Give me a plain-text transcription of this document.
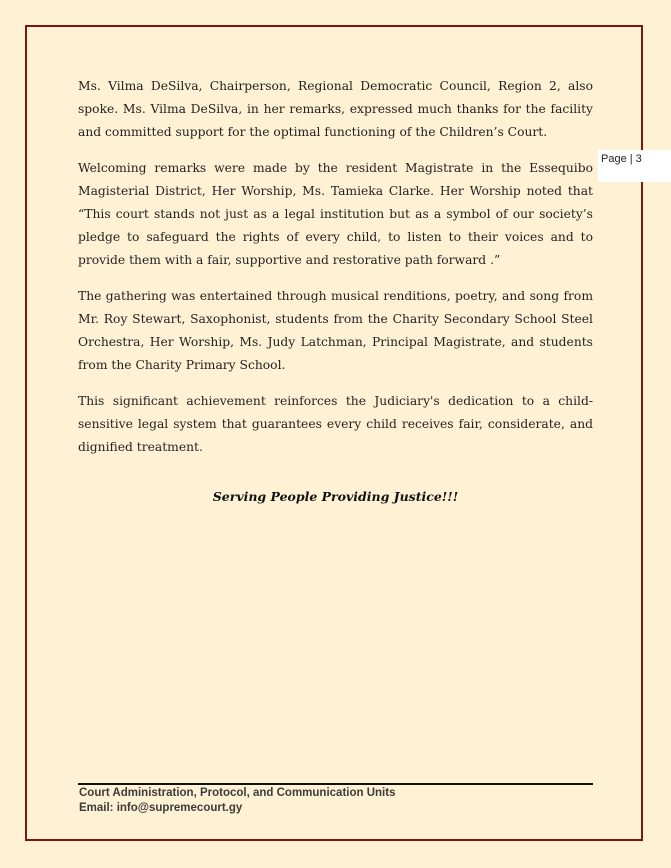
Page | 3

Ms. Vilma DeSilva, Chairperson, Regional Democratic Council, Region 2, also spoke. Ms. Vilma DeSilva, in her remarks, expressed much thanks for the facility and committed support for the optimal functioning of the Children’s Court.

Welcoming remarks were made by the resident Magistrate in the Essequibo Magisterial District, Her Worship, Ms. Tamieka Clarke. Her Worship noted that “This court stands not just as a legal institution but as a symbol of our society’s pledge to safeguard the rights of every child, to listen to their voices and to provide them with a fair, supportive and restorative path forward .”

The gathering was entertained through musical renditions, poetry, and song from Mr. Roy Stewart, Saxophonist, students from the Charity Secondary School Steel Orchestra, Her Worship, Ms. Judy Latchman, Principal Magistrate, and students from the Charity Primary School.

This significant achievement reinforces the Judiciary's dedication to a child-sensitive legal system that guarantees every child receives fair, considerate, and dignified treatment.

Serving People Providing Justice!!!
Court Administration, Protocol, and Communication Units
Email: info@supremecourt.gy
